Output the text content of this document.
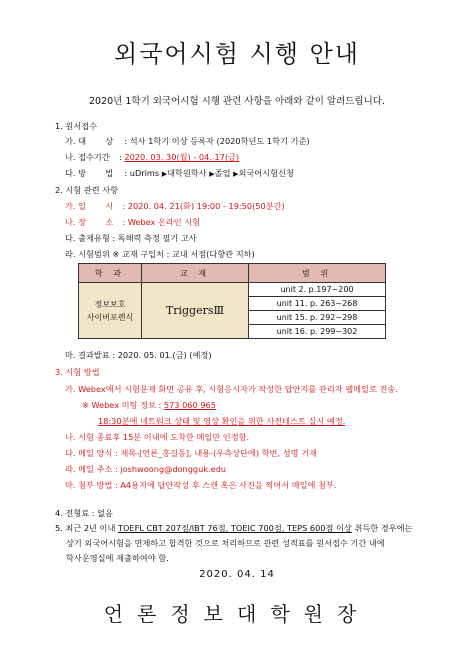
외국어시험 시행 안내
2020년 1학기 외국어시험 시행 관련 사항을 아래와 같이 알려드립니다.
1. 원서접수
가. 대 상 : 석사 1학기 이상 등록자 (2020학년도 1학기 기준)
나. 접수기간 : 2020. 03. 30(월) - 04. 17(금)
다. 방 법 : uDrims ▶대학원학사 ▶졸업 ▶외국어시험신청
2. 시험 관련 사항
가. 일 시 : 2020. 04. 21(화) 19:00 - 19:50(50분간)
나. 장 소 : Webex 온라인 시험
다. 출제유형 : 독해력 측정 필기 고사
라. 시험범위 ※ 교재 구입처 : 교내 서점(다향관 지하)
학 과	교 재	범 위

정보보호
사이버포렌식	TriggersⅢ	unit 2. p.197~200
		unit 11. p. 263~268
		unit 15. p. 292~298
		unit 16. p. 299~302
마. 결과발표 : 2020. 05. 01.(금) (예정)
3. 시험 방법
가. Webex에서 시험문제 화면 공유 후, 시험응시자가 작성한 답안지를 관리자 웹메일로 전송.
※ Webex 미팅 정보 : 573 060 965
18:30분에 네트워크 상태 및 영상 확인을 위한 사전테스트 실시 예정.
나. 시험 종료후 15분 이내에 도착한 메일만 인정함.
다. 메일 양식 : 제목-[언론_홍길동], 내용-(우측상단에) 학번, 성명 기재
라. 메일 주소 : joshwoong@dongguk.edu
마. 첨부 방법 : A4용지에 답안작성 후 스캔 혹은 사진을 찍어서 메일에 첨부.
4. 전형료 : 없음
5. 최근 2년 이내 TOEFL CBT 207점/IBT 76점, TOEIC 700점, TEPS 600점 이상 취득한 경우에는
상기 외국어시험을 면제하고 합격한 것으로 처리하므로 관련 성적표를 원서접수 기간 내에
학사운영실에 제출하여야 함.
2020. 04. 14
언론정보대학원장
